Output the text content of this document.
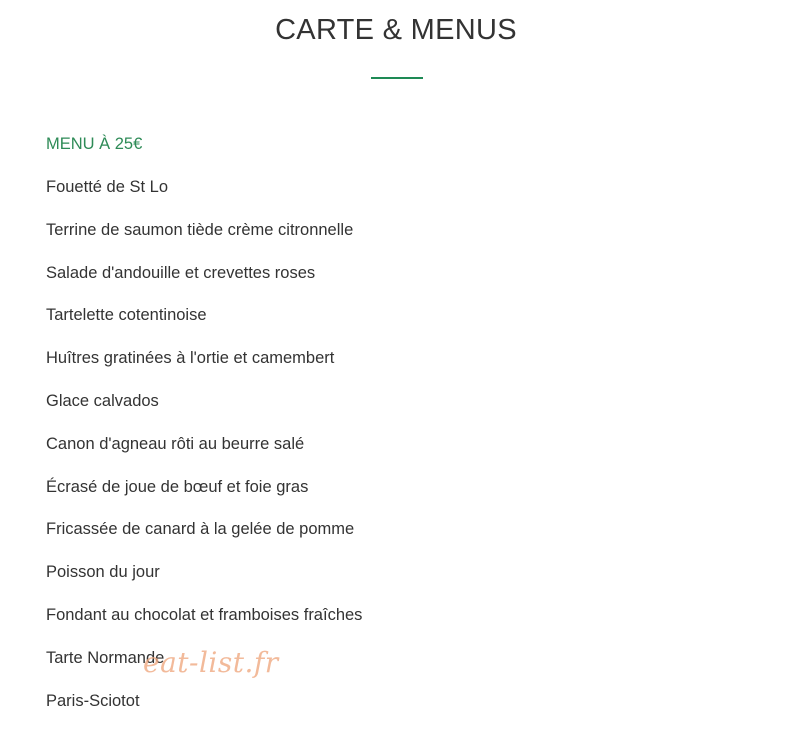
CARTE & MENUS
MENU À 25€
Fouetté de St Lo
Terrine de saumon tiède crème citronnelle
Salade d'andouille et crevettes roses
Tartelette cotentinoise
Huîtres gratinées à l'ortie et camembert
Glace calvados
Canon d'agneau rôti au beurre salé
Écrasé de joue de bœuf et foie gras
Fricassée de canard à la gelée de pomme
Poisson du jour
Fondant au chocolat et framboises fraîches
Tarte Normande
Paris-Sciotot
eat-list.fr
